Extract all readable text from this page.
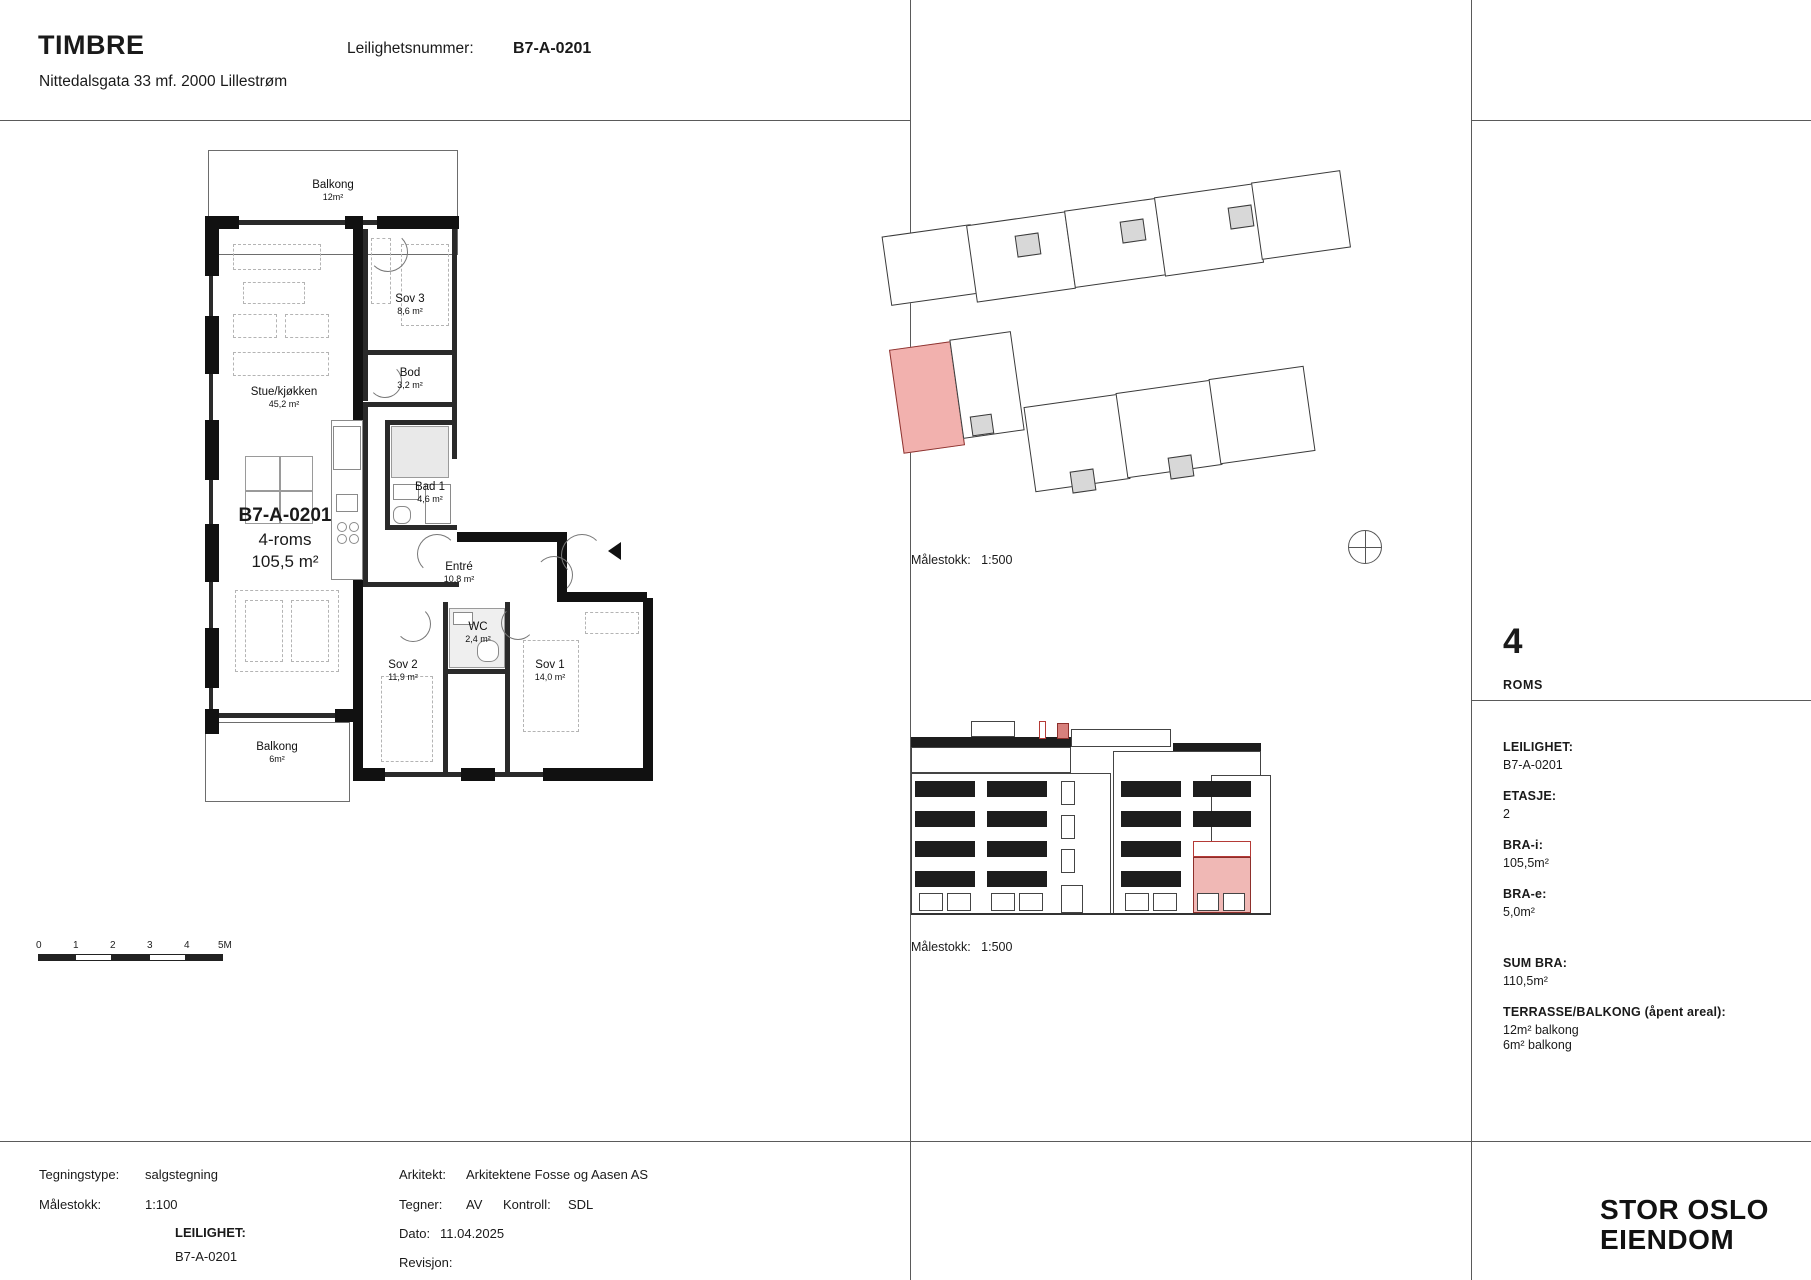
TIMBRE
Nittedalsgata 33 mf. 2000 Lillestrøm
Leilighetsnummer: B7-A-0201
Balkong
12m²
Balkong
6m²
Sov 3
8,6 m²
Bod
3,2 m²
Stue/kjøkken
45,2 m²
Bad 1
4,6 m²
Entré
10,8 m²
WC
2,4 m²
Sov 2
11,9 m²
Sov 1
14,0 m²
B7-A-0201
4-roms
105,5 m²
0	1	2	3	4	5M
Målestokk: 1:500
Målestokk: 1:500
4
ROMS
LEILIGHET:
B7-A-0201
ETASJE:
2
BRA-i:
105,5m²
BRA-e:
5,0m²
SUM BRA:
110,5m²
TERRASSE/BALKONG (åpent areal):
12m² balkong
6m² balkong
Tegningstype: salgstegning
Målestokk:	1:100
LEILIGHET:
B7-A-0201
Arkitekt: Arkitektene Fosse og Aasen AS
Tegner: AV Kontroll: SDL
Dato: 11.04.2025
Revisjon:
STOR OSLO
EIENDOM
